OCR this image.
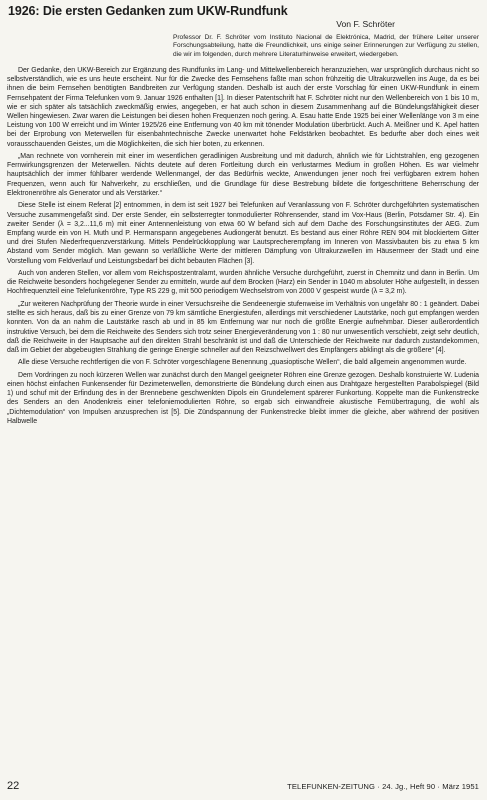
1926: Die ersten Gedanken zum UKW-Rundfunk
Von F. Schröter
Professor Dr. F. Schröter vom Instituto Nacional de Elektrónica, Madrid, der frühere Leiter unserer Forschungsabteilung, hatte die Freundlichkeit, uns einige seiner Erinnerungen zur Verfügung zu stellen, die wir im folgenden, durch mehrere Literaturhinweise erweitert, wiedergeben.

Der Gedanke, den UKW-Bereich zur Ergänzung des Rundfunks im Lang- und Mittelwellenbereich heranzuziehen, war ursprünglich durchaus nicht so selbstverständlich, wie es uns heute erscheint. Nur für die Zwecke des Fernsehens faßte man schon frühzeitig die Ultrakurzwellen ins Auge, da es bei ihnen die beim Fernsehen benötigten Bandbreiten zur Verfügung standen. Deshalb ist auch der erste Vorschlag für einen UKW-Rundfunk in einem Fernsehpatent der Firma Telefunken vom 9. Januar 1926 enthalten [1]. In dieser Patentschrift hat F. Schröter nicht nur den Wellenbereich von 1 bis 10 m, wie er sich später als tatsächlich zweckmäßig erwies, angegeben, er hat auch schon in diesem Zusammenhang auf die Bündelungsfähigkeit dieser Wellen hingewiesen. Zwar waren die Leistungen bei diesen hohen Frequenzen noch gering. A. Esau hatte Ende 1925 bei einer Wellenlänge von 3 m eine Leistung von 100 W erreicht und im Winter 1925/26 eine Entfernung von 40 km mit tönender Modulation überbrückt. Auch A. Meißner und K. Apel hatten bei der Erprobung von Meterwellen für eisenbahntechnische Zwecke unerwartet hohe Feldstärken beobachtet. Es bedurfte aber doch eines weit vorausschauenden Geistes, um die Möglichkeiten, die sich hier boten, zu erkennen.

„Man rechnete von vornherein mit einer im wesentlichen geradlinigen Ausbreitung und mit dadurch, ähnlich wie für Lichtstrahlen, eng gezogenen Fernwirkungsgrenzen der Meterwellen. Nichts deutete auf deren Fortleitung durch ein verlustarmes Medium in großen Höhen. Es war vielmehr hauptsächlich der immer fühlbarer werdende Wellenmangel, der das Bedürfnis weckte, Anwendungen jener noch frei verfügbaren extrem hohen Frequenzen, wenn auch für Nahverkehr, zu erschließen, und die Grundlage für diese Bestrebung bildete die fortgeschrittene Beherrschung der Elektronenröhre als Generator und als Verstärker.“

Diese Stelle ist einem Referat [2] entnommen, in dem ist seit 1927 bei Telefunken auf Veranlassung von F. Schröter durchgeführten systematischen Versuche zusammengefaßt sind. Der erste Sender, ein selbsterregter tonmodulierter Röhrensender, stand im Vox-Haus (Berlin, Potsdamer Str. 4). Ein zweiter Sender (λ = 3,2...11,6 m) mit einer Antennenleistung von etwa 60 W befand sich auf dem Dache des Forschungsinstitutes der AEG. Zum Empfang wurde ein von H. Muth und P. Hermanspann angegebenes Audiongerät benutzt. Es bestand aus einer Röhre REN 904 mit blockiertem Gitter und drei Stufen Niederfrequenzverstärkung. Mittels Pendelrückkopplung war Lautsprecherempfang im Inneren von Massivbauten bis zu etwa 5 km Abstand vom Sender möglich. Man gewann so verläßliche Werte der mittleren Dämpfung von Ultrakurzwellen im Häusermeer der Stadt und eine Vorstellung vom Feldverlauf und Leistungsbedarf bei dicht bebauten Flächen [3].

Auch von anderen Stellen, vor allem vom Reichspostzentralamt, wurden ähnliche Versuche durchgeführt, zuerst in Chemnitz und dann in Berlin. Um die Reichweite besonders hochgelegener Sender zu ermitteln, wurde auf dem Brocken (Harz) ein Sender in 1040 m absoluter Höhe aufgestellt, in dessen Hochfrequenzteil eine Telefunkenröhre, Type RS 229 g, mit 500 periodigem Wechselstrom von 2000 V gespeist wurde (λ = 3,2 m).

„Zur weiteren Nachprüfung der Theorie wurde in einer Versuchsreihe die Sendeenergie stufenweise im Verhältnis von ungefähr 80 : 1 geändert. Dabei stellte es sich heraus, daß bis zu einer Grenze von 79 km sämtliche Energiestufen, allerdings mit verschiedener Lautstärke, noch gut empfangen werden konnten. Von da an nahm die Lautstärke rasch ab und in 85 km Entfernung war nur noch die größte Energie aufnehmbar. Dieser außerordentlich instruktive Versuch, bei dem die Reichweite des Senders sich trotz seiner Energieveränderung von 1 : 80 nur unwesentlich verschiebt, zeigt sehr deutlich, daß die Reichweite in der Hauptsache auf den direkten Strahl beschränkt ist und daß die Unterschiede der Reichweite nur dadurch zustandekommen, daß im Gebiet der abgebeugten Strahlung die geringe Energie schneller auf den Reizschwellwert des Empfängers abklingt als die größere“ [4].

Alle diese Versuche rechtfertigen die von F. Schröter vorgeschlagene Benennung „quasioptische Wellen“, die bald allgemein angenommen wurde.

Dem Vordringen zu noch kürzeren Wellen war zunächst durch den Mangel geeigneter Röhren eine Grenze gezogen. Deshalb konstruierte W. Ludenia einen höchst einfachen Funkensender für Dezimeterwellen, demonstrierte die Bündelung durch einen aus Drahtgaze hergestellten Parabolspiegel (Bild 1) und schuf mit der Erfindung des in der Brennebene geschwenkten Dipols ein Grundelement spärerer Funkortung. Koppelte man die Funkenstrecke des Senders an den Anodenkreis einer telefoniemodulierten Röhre, so ergab sich einwandfreie akustische Fernübertragung, die wohl als „Dichtemodulation“ von Impulsen anzusprechen ist [5]. Die Zündspannung der Funkenstrecke bleibt immer die gleiche, aber während der positiven Halbwelle

22	TELEFUNKEN-ZEITUNG · 24. Jg., Heft 90 · März 1951
